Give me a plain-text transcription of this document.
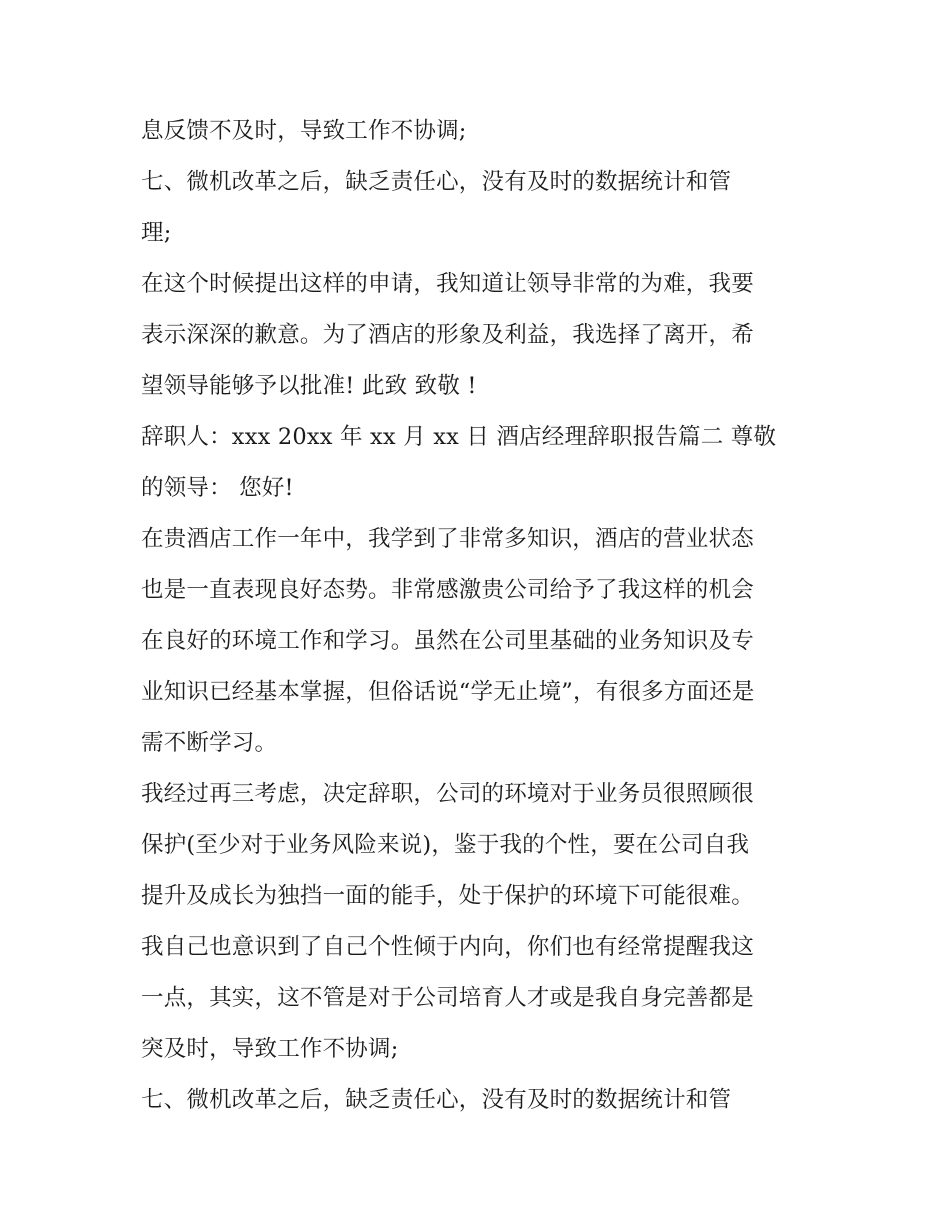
息反馈不及时，导致工作不协调;
七、微机改革之后，缺乏责任心，没有及时的数据统计和管
理;
在这个时候提出这样的申请，我知道让领导非常的为难，我要
表示深深的歉意。为了酒店的形象及利益，我选择了离开，希
望领导能够予以批准! 此致 致敬 !
辞职人：xxx 20xx 年 xx 月 xx 日 酒店经理辞职报告篇二 尊敬
的领导： 您好!
在贵酒店工作一年中，我学到了非常多知识，酒店的营业状态
也是一直表现良好态势。非常感激贵公司给予了我这样的机会
在良好的环境工作和学习。虽然在公司里基础的业务知识及专
业知识已经基本掌握，但俗话说“学无止境”，有很多方面还是
需不断学习。
我经过再三考虑，决定辞职，公司的环境对于业务员很照顾很
保护(至少对于业务风险来说)，鉴于我的个性，要在公司自我
提升及成长为独挡一面的能手，处于保护的环境下可能很难。
我自己也意识到了自己个性倾于内向，你们也有经常提醒我这
一点，其实，这不管是对于公司培育人才或是我自身完善都是
突及时，导致工作不协调;
七、微机改革之后，缺乏责任心，没有及时的数据统计和管
